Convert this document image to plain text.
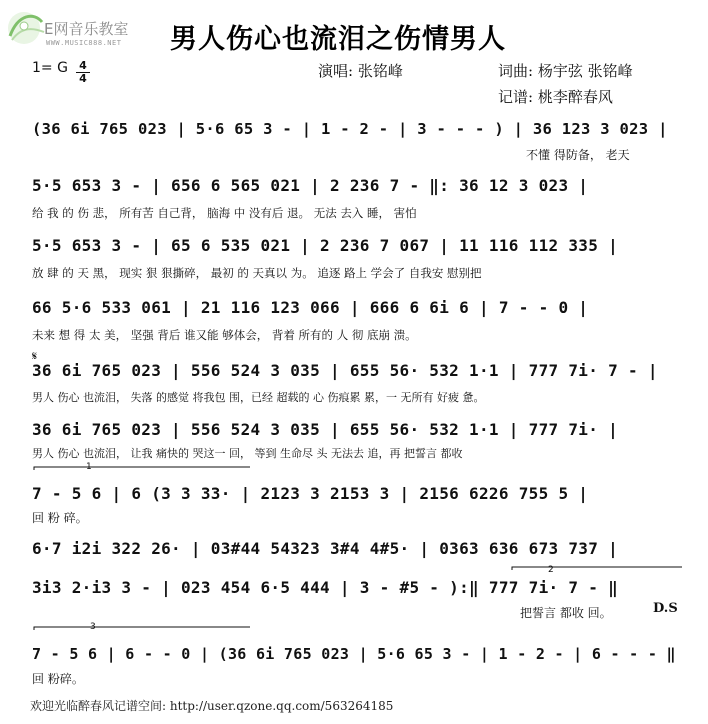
E网音乐教室
WWW.MUSIC888.NET 男人伤心也流泪之伤情男人
1= G 4
4	演唱: 张铭峰	词曲: 杨宇弦 张铭峰
记谱: 桃李醉春风
(36 6i 765 023 | 5·6 65 3 - | 1 - 2 - | 3 - - - ) | 36 123 3 023 |
不懂 得防备， 老天
5·5 653 3 - | 656 6 565 021 | 2 236 7 - ‖: 36 12 3 023 |
给 我 的 伤 悲， 所有苦 自己背， 脑海 中 没有后 退。 无法 去入 睡， 害怕
5·5 653 3 - | 65 6 535 021 | 2 236 7 067 | 11 116 112 335 |
放 肆 的 天 黑， 现实 狠 狠撕碎， 最初 的 天真以 为。 追逐 路上 学会了 自我安 慰别把
66 5·6 533 061 | 21 116 123 066 | 666 6 6i 6 | 7 - - 0 |
未来 想 得 太 美， 坚强 背后 谁又能 够体会， 背着 所有的 人 彻 底崩 溃。
𝄋
36 6i 765 023 | 556 524 3 035 | 655 56· 532 1·1 | 777 7i· 7 - |
男人 伤心 也流泪， 失落 的感觉 将我包 围，已经 超载的 心 伤痕累 累，一 无所有 好疲 惫。
36 6i 765 023 | 556 524 3 035 | 655 56· 532 1·1 | 777 7i· |
男人 伤心 也流泪， 让我 痛快的 哭这一 回， 等到 生命尽 头 无法去 追，再 把誓言 都收
1
7 - 5 6 | 6 (3 3 33· | 2123 3 2153 3 | 2156 6226 755 5 |
回 粉 碎。
6·7 i2i 322 26· | 03#44 54323 3#4 4#5· | 0363 636 673 737 |
2
3i3 2·i3 3 - | 023 454 6·5 444 | 3 - #5 - ):‖ 777 7i· 7 - ‖
把誓言 都收 回。	D.S
3
7 - 5 6 | 6 - - 0 | (36 6i 765 023 | 5·6 65 3 - | 1 - 2 - | 6 - - - ‖
回 粉碎。
欢迎光临醉春风记谱空间: http://user.qzone.qq.com/563264185
